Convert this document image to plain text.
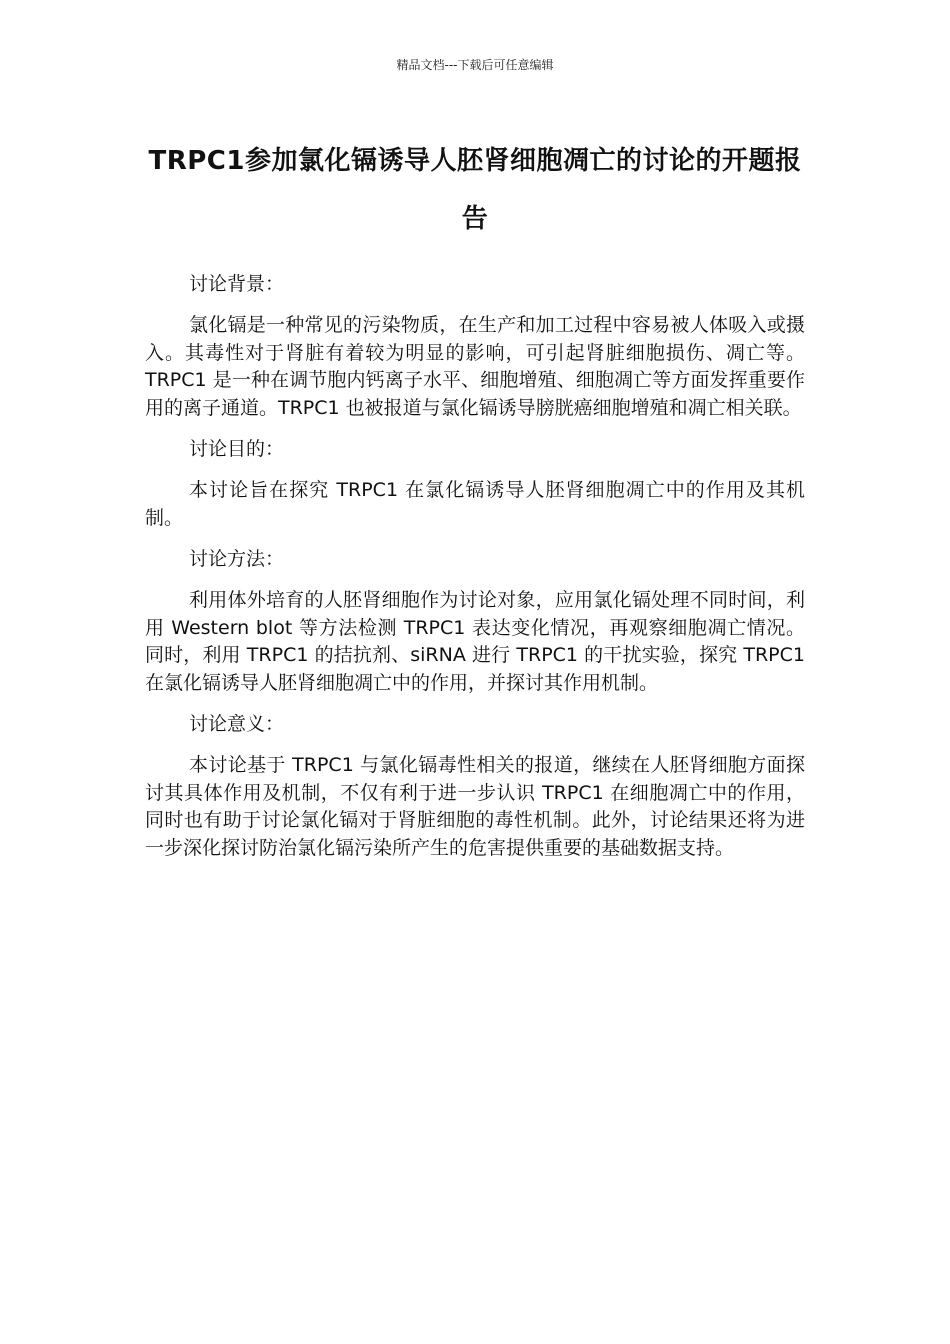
精品文档---下载后可任意编辑
TRPC1参加氯化镉诱导人胚肾细胞凋亡的讨论的开题报告

讨论背景：

氯化镉是一种常见的污染物质，在生产和加工过程中容易被人体吸入或摄入。其毒性对于肾脏有着较为明显的影响，可引起肾脏细胞损伤、凋亡等。TRPC1 是一种在调节胞内钙离子水平、细胞增殖、细胞凋亡等方面发挥重要作用的离子通道。TRPC1 也被报道与氯化镉诱导膀胱癌细胞增殖和凋亡相关联。

讨论目的：

本讨论旨在探究 TRPC1 在氯化镉诱导人胚肾细胞凋亡中的作用及其机制。

讨论方法：

利用体外培育的人胚肾细胞作为讨论对象，应用氯化镉处理不同时间，利用 Western blot 等方法检测 TRPC1 表达变化情况，再观察细胞凋亡情况。同时，利用 TRPC1 的拮抗剂、siRNA 进行 TRPC1 的干扰实验，探究 TRPC1 在氯化镉诱导人胚肾细胞凋亡中的作用，并探讨其作用机制。

讨论意义：

本讨论基于 TRPC1 与氯化镉毒性相关的报道，继续在人胚肾细胞方面探讨其具体作用及机制，不仅有利于进一步认识 TRPC1 在细胞凋亡中的作用，同时也有助于讨论氯化镉对于肾脏细胞的毒性机制。此外，讨论结果还将为进一步深化探讨防治氯化镉污染所产生的危害提供重要的基础数据支持。
